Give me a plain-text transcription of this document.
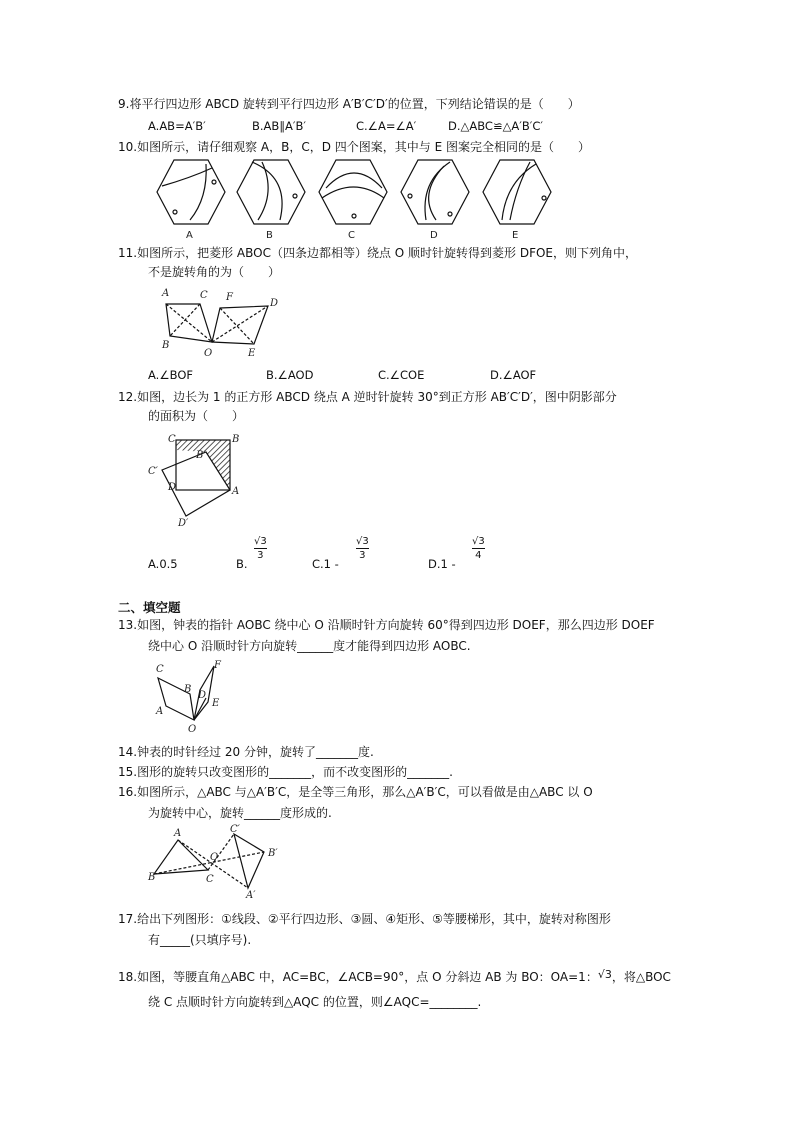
9.将平行四边形 ABCD 旋转到平行四边形 A′B′C′D′的位置，下列结论错误的是（　　）
A.AB=A′B′	B.AB∥A′B′	C.∠A=∠A′	D.△ABC≌△A′B′C′
10.如图所示，请仔细观察 A，B，C，D 四个图案，其中与 E 图案完全相同的是（　　）
A	B	C	D	E
11.如图所示，把菱形 ABOC（四条边都相等）绕点 O 顺时针旋转得到菱形 DFOE，则下列角中，
不是旋转角的为（　　）
A	C F
D
B
O	E
A.∠BOF	B.∠AOD	C.∠COE	D.∠AOF
12.如图，边长为 1 的正方形 ABCD 绕点 A 逆时针旋转 30°到正方形 AB′C′D′，图中阴影部分
的面积为（　　）
C	B
B′
C′
D	A
D′
A.0.5	B.
√3
3
C.1 -
√3
3
D.1 -
√3
4
二、填空题
13.如图，钟表的指针 AOBC 绕中心 O 沿顺时针方向旋转 60°得到四边形 DOEF，那么四边形 DOEF
绕中心 O 沿顺时针方向旋转______度才能得到四边形 AOBC.
C	F
B
D
A
E
O
14.钟表的时针经过 20 分钟，旋转了_______度.
15.图形的旋转只改变图形的_______，而不改变图形的_______.
16.如图所示，△ABC 与△A′B′C，是全等三角形，那么△A′B′C，可以看做是由△ABC 以 O
为旋转中心，旋转______度形成的.
C′
A
O	B′
B
A′
C
17.给出下列图形：①线段、②平行四边形、③圆、④矩形、⑤等腰梯形，其中，旋转对称图形
有_____(只填序号).
18.如图，等腰直角△ABC 中，AC=BC，∠ACB=90°，点 O 分斜边 AB 为 BO：OA=1：√3，将△BOC
绕 C 点顺时针方向旋转到△AQC 的位置，则∠AQC=________.
